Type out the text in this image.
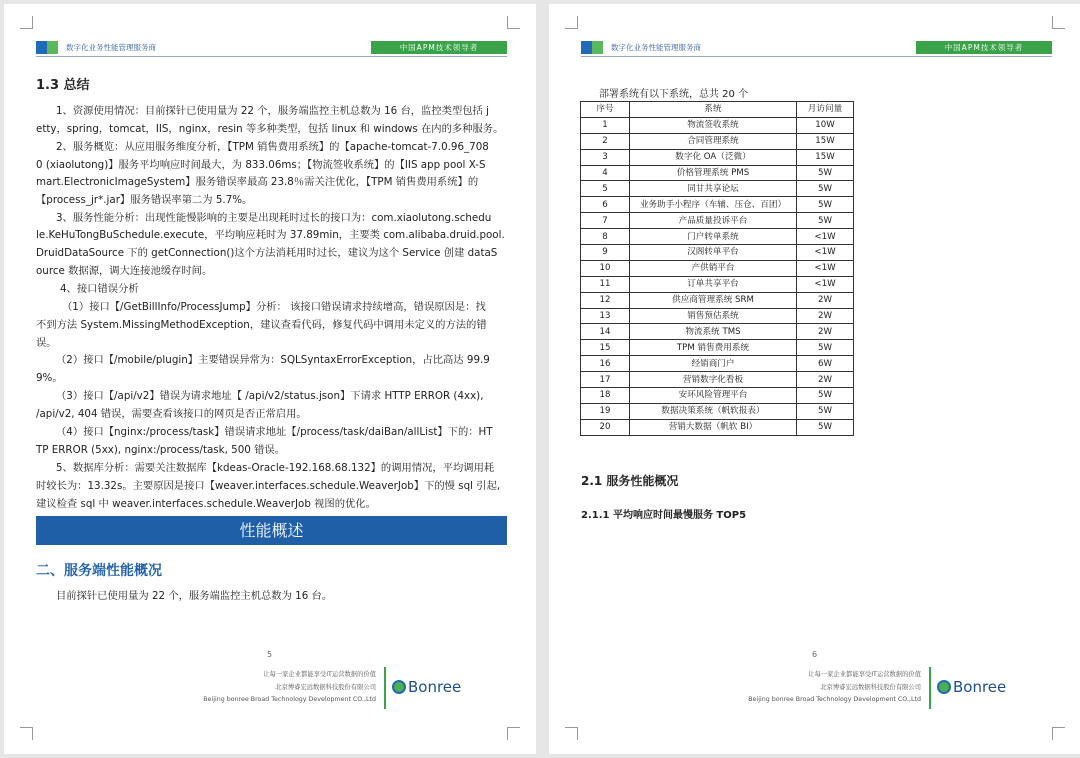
数字化业务性能管理服务商	中国APM技术领导者
1.3 总结
1、资源使用情况：目前探针已使用量为 22 个，服务端监控主机总数为 16 台，监控类型包括 j
etty，spring，tomcat，IIS，nginx，resin 等多种类型，包括 linux 和 windows 在内的多种服务。
2、服务概览：从应用服务维度分析，【TPM 销售费用系统】的【apache-tomcat-7.0.96_708
0 (xiaolutong)】服务平均响应时间最大，为 833.06ms；【物流签收系统】的【IIS app pool X-S
mart.ElectronicImageSystem】服务错误率最高 23.8％需关注优化，【TPM 销售费用系统】的
【process_jr*.jar】服务错误率第二为 5.7%。
3、服务性能分析：出现性能慢影响的主要是出现耗时过长的接口为：com.xiaolutong.schedu
le.KeHuTongBuSchedule.execute，平均响应耗时为 37.89min，主要类 com.alibaba.druid.pool.
DruidDataSource 下的 getConnection()这个方法消耗用时过长，建议为这个 Service 创建 dataS
ource 数据源，调大连接池缓存时间。
4、接口错误分析
（1）接口【/GetBillInfo/ProcessJump】分析： 该接口错误请求持续增高，错误原因是：找
不到方法 System.MissingMethodException，建议查看代码，修复代码中调用未定义的方法的错
误。
（2）接口【/mobile/plugin】主要错误异常为：SQLSyntaxErrorException，占比高达 99.9
9%。
（3）接口【/api/v2】错误为请求地址【 /api/v2/status.json】下请求 HTTP ERROR (4xx),
/api/v2, 404 错误，需要查看该接口的网页是否正常启用。
（4）接口【nginx:/process/task】错误请求地址【/process/task/daiBan/allList】下的：HT
TP ERROR (5xx), nginx:/process/task, 500 错误。
5、数据库分析：需要关注数据库【kdeas-Oracle-192.168.68.132】的调用情况，平均调用耗
时较长为：13.32s。主要原因是接口【weaver.interfaces.schedule.WeaverJob】下的慢 sql 引起,
建议检查 sql 中 weaver.interfaces.schedule.WeaverJob 视图的优化。
性能概述
二、服务端性能概况
目前探针已使用量为 22 个，服务端监控主机总数为 16 台。
5
让每一家企业都能享受IT运营数据的价值
北京博睿宏远数据科技股份有限公司
Beijing bonree Broad Technology Development CO.,Ltd
Bonree
数字化业务性能管理服务商	中国APM技术领导者
部署系统有以下系统，总共 20 个
序号	系统	月访问量
1	物流签收系统	10W
2	合同管理系统	15W
3	数字化 OA（泛微）	15W
4	价格管理系统 PMS	5W
5	同甘共享论坛	5W
6	业务助手小程序（车辅、压仓、百团）	5W
7	产品质量投诉平台	5W
8	门户转单系统	<1W
9	汉阁转单平台	<1W
10	产供销平台	<1W
11	订单共享平台	<1W
12	供应商管理系统 SRM	2W
13	销售预估系统	2W
14	物流系统 TMS	2W
15	TPM 销售费用系统	5W
16	经销商门户	6W
17	营销数字化看板	2W
18	安环风险管理平台	5W
19	数据决策系统（帆软报表）	5W
20	营销大数据（帆软 BI）	5W
2.1 服务性能概况
2.1.1 平均响应时间最慢服务 TOP5
6
让每一家企业都能享受IT运营数据的价值
北京博睿宏远数据科技股份有限公司
Beijing bonree Broad Technology Development CO.,Ltd
Bonree
